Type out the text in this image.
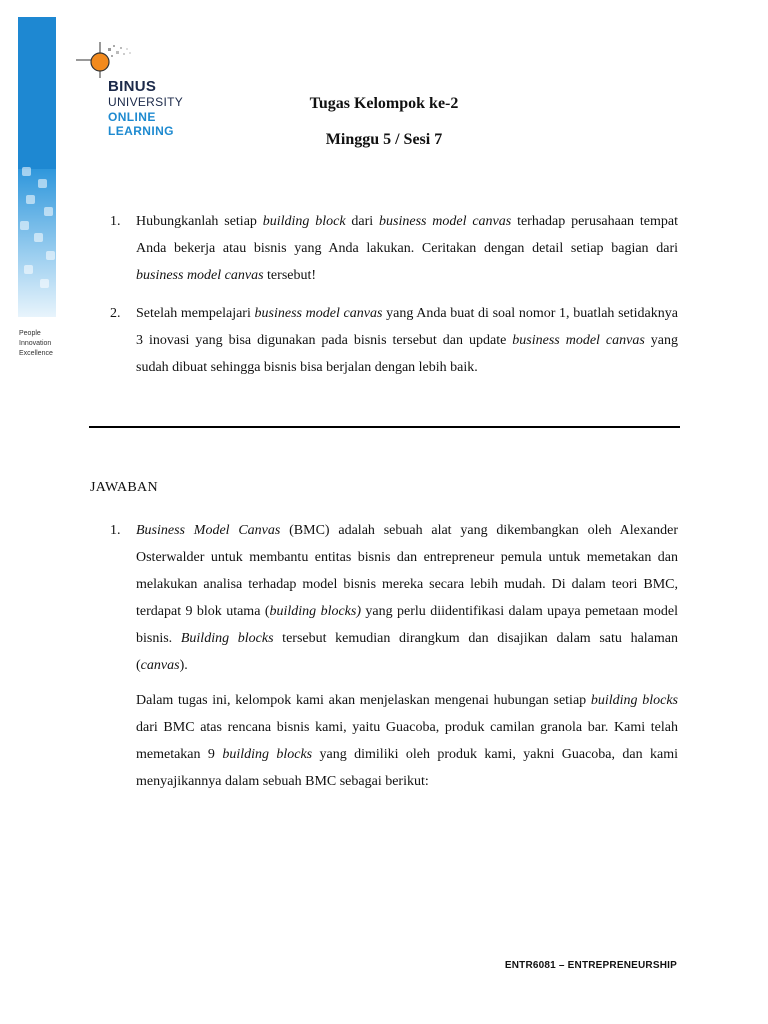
People
Innovation
Excellence
BINUS
UNIVERSITY
ONLINE
LEARNING
Tugas Kelompok ke-2
Minggu 5 / Sesi 7
1. Hubungkanlah setiap building block dari business model canvas terhadap perusahaan tempat Anda bekerja atau bisnis yang Anda lakukan. Ceritakan dengan detail setiap bagian dari business model canvas tersebut!
2. Setelah mempelajari business model canvas yang Anda buat di soal nomor 1, buatlah setidaknya 3 inovasi yang bisa digunakan pada bisnis tersebut dan update business model canvas yang sudah dibuat sehingga bisnis bisa berjalan dengan lebih baik.
JAWABAN
1. Business Model Canvas (BMC) adalah sebuah alat yang dikembangkan oleh Alexander Osterwalder untuk membantu entitas bisnis dan entrepreneur pemula untuk memetakan dan melakukan analisa terhadap model bisnis mereka secara lebih mudah. Di dalam teori BMC, terdapat 9 blok utama (building blocks) yang perlu diidentifikasi dalam upaya pemetaan model bisnis. Building blocks tersebut kemudian dirangkum dan disajikan dalam satu halaman (canvas).

Dalam tugas ini, kelompok kami akan menjelaskan mengenai hubungan setiap building blocks dari BMC atas rencana bisnis kami, yaitu Guacoba, produk camilan granola bar. Kami telah memetakan 9 building blocks yang dimiliki oleh produk kami, yakni Guacoba, dan kami menyajikannya dalam sebuah BMC sebagai berikut:

ENTR6081 – ENTREPRENEURSHIP
